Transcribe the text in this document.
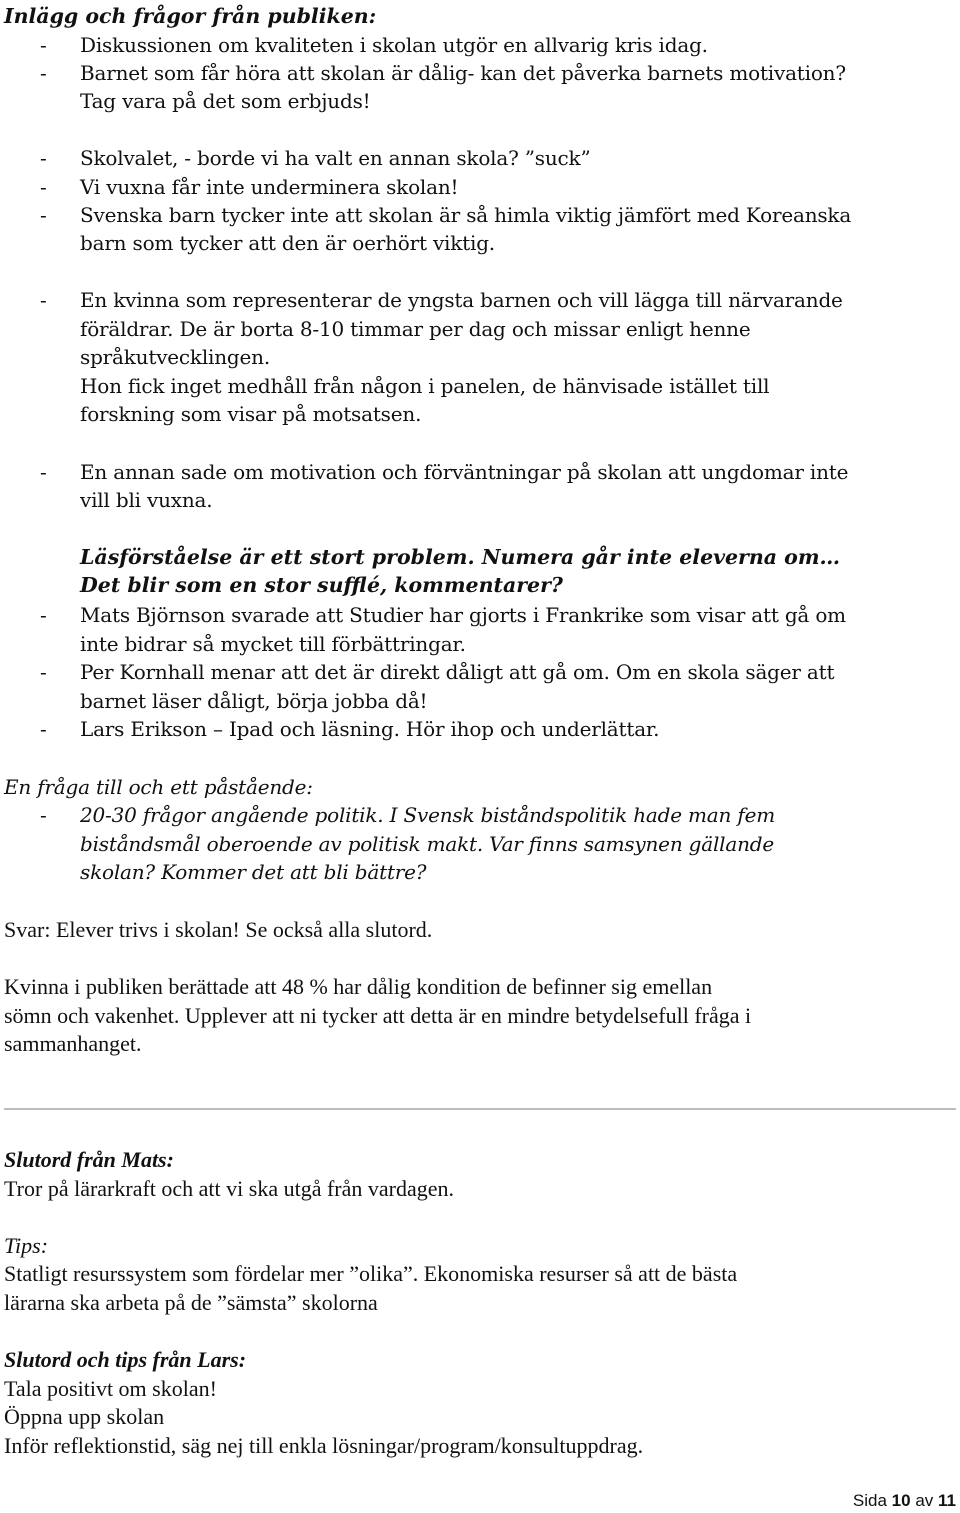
Inlägg och frågor från publiken:
-	Diskussionen om kvaliteten i skolan utgör en allvarig kris idag.
-	Barnet som får höra att skolan är dålig- kan det påverka barnets motivation?
Tag vara på det som erbjuds!
-	Skolvalet, - borde vi ha valt en annan skola? ”suck”
-	Vi vuxna får inte underminera skolan!
-	Svenska barn tycker inte att skolan är så himla viktig jämfört med Koreanska
barn som tycker att den är oerhört viktig.
-	En kvinna som representerar de yngsta barnen och vill lägga till närvarande
föräldrar. De är borta 8-10 timmar per dag och missar enligt henne
språkutvecklingen.
Hon fick inget medhåll från någon i panelen, de hänvisade istället till
forskning som visar på motsatsen.
-	En annan sade om motivation och förväntningar på skolan att ungdomar inte
vill bli vuxna.
Läsförståelse är ett stort problem. Numera går inte eleverna om…
Det blir som en stor sufflé, kommentarer?
-	Mats Björnson svarade att Studier har gjorts i Frankrike som visar att gå om
inte bidrar så mycket till förbättringar.
-	Per Kornhall menar att det är direkt dåligt att gå om. Om en skola säger att
barnet läser dåligt, börja jobba då!
-	Lars Erikson – Ipad och läsning. Hör ihop och underlättar.
En fråga till och ett påstående:
-	20-30 frågor angående politik. I Svensk biståndspolitik hade man fem
biståndsmål oberoende av politisk makt. Var finns samsynen gällande
skolan? Kommer det att bli bättre?
Svar: Elever trivs i skolan! Se också alla slutord.
Kvinna i publiken berättade att 48 % har dålig kondition de befinner sig emellan
sömn och vakenhet. Upplever att ni tycker att detta är en mindre betydelsefull fråga i
sammanhanget.
Slutord från Mats:
Tror på lärarkraft och att vi ska utgå från vardagen.
Tips:
Statligt resurssystem som fördelar mer ”olika”. Ekonomiska resurser så att de bästa
lärarna ska arbeta på de ”sämsta” skolorna
Slutord och tips från Lars:
Tala positivt om skolan!
Öppna upp skolan
Inför reflektionstid, säg nej till enkla lösningar/program/konsultuppdrag.
Sida 10 av 11
